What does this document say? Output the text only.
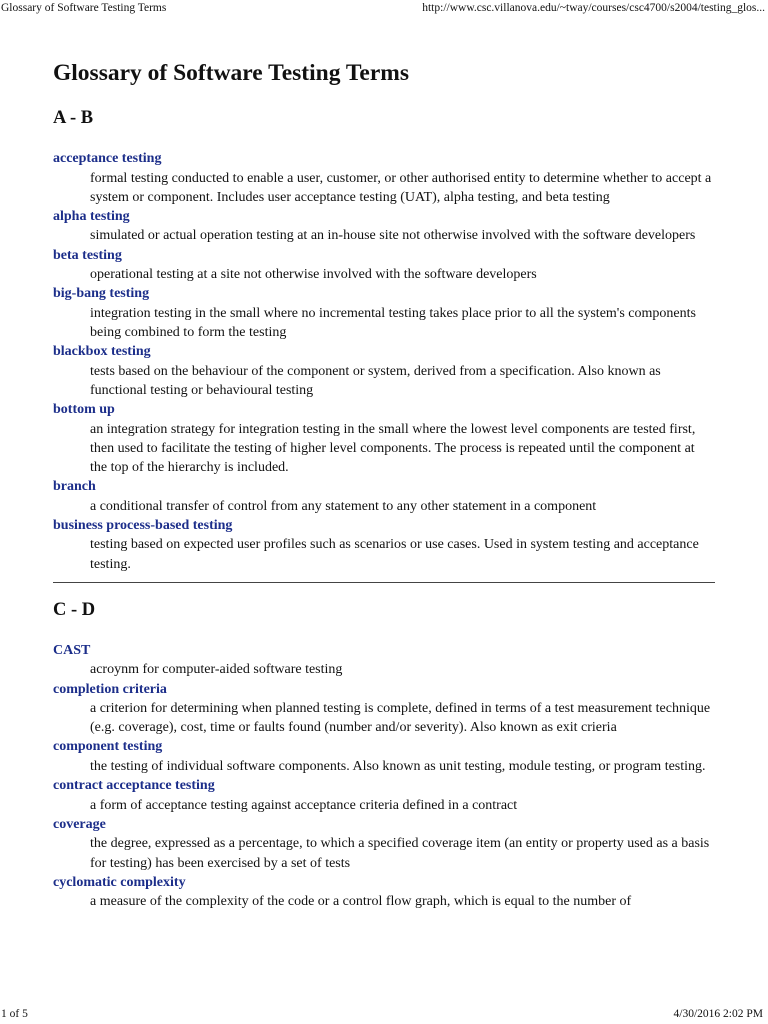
Glossary of Software Testing Terms	http://www.csc.villanova.edu/~tway/courses/csc4700/s2004/testing_glos...
Glossary of Software Testing Terms
A - B
acceptance testing
formal testing conducted to enable a user, customer, or other authorised entity to determine whether to accept a system or component. Includes user acceptance testing (UAT), alpha testing, and beta testing
alpha testing
simulated or actual operation testing at an in-house site not otherwise involved with the software developers
beta testing
operational testing at a site not otherwise involved with the software developers
big-bang testing
integration testing in the small where no incremental testing takes place prior to all the system's components being combined to form the testing
blackbox testing
tests based on the behaviour of the component or system, derived from a specification. Also known as functional testing or behavioural testing
bottom up
an integration strategy for integration testing in the small where the lowest level components are tested first, then used to facilitate the testing of higher level components. The process is repeated until the component at the top of the hierarchy is included.
branch
a conditional transfer of control from any statement to any other statement in a component
business process-based testing
testing based on expected user profiles such as scenarios or use cases. Used in system testing and acceptance testing.
C - D
CAST
acroynm for computer-aided software testing
completion criteria
a criterion for determining when planned testing is complete, defined in terms of a test measurement technique (e.g. coverage), cost, time or faults found (number and/or severity). Also known as exit crieria
component testing
the testing of individual software components. Also known as unit testing, module testing, or program testing.
contract acceptance testing
a form of acceptance testing against acceptance criteria defined in a contract
coverage
the degree, expressed as a percentage, to which a specified coverage item (an entity or property used as a basis for testing) has been exercised by a set of tests
cyclomatic complexity
a measure of the complexity of the code or a control flow graph, which is equal to the number of
1 of 5	4/30/2016 2:02 PM
